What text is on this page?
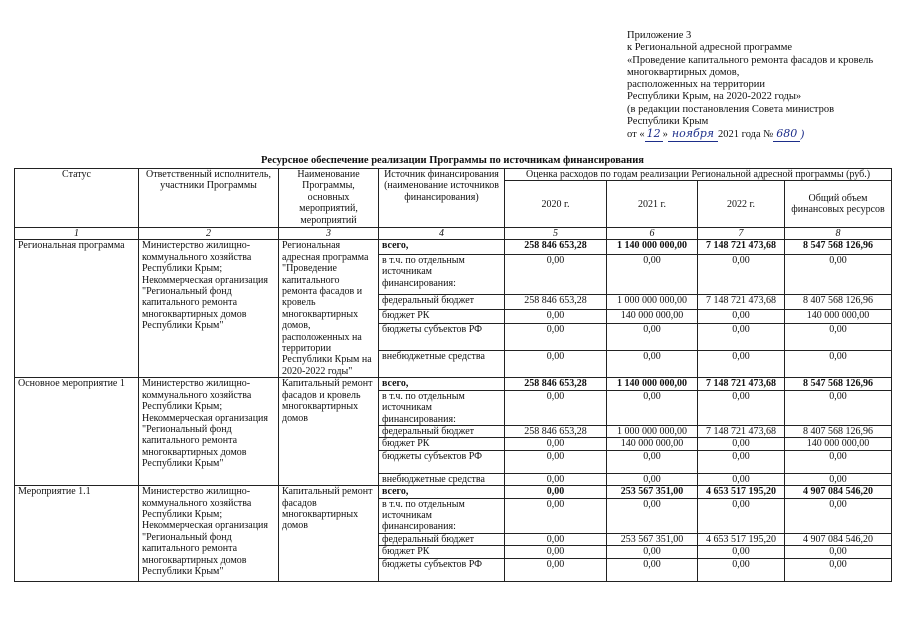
Приложение 3
к Региональной адресной программе
«Проведение капитального ремонта фасадов и кровель
многоквартирных домов,
расположенных на территории
Республики Крым, на 2020-2022 годы»
(в редакции постановления Совета министров
Республики Крым
от « 12 » ноября 2021 года № 680 )
Ресурсное обеспечение реализации Программы по источникам финансирования
Статус	Ответственный исполнитель, участники Программы	Наименование Программы, основных мероприятий, мероприятий	Источник финансирования (наименование источников финансирования)	Оценка расходов по годам реализации Региональной адресной программы (руб.)			
				2020 г.	2021 г.	2022 г.	Общий объем финансовых ресурсов
1	2	3	4	5	6	7	8
Региональная программа	Министерство жилищно-коммунального хозяйства Республики Крым; Некоммерческая организация "Региональный фонд капитального ремонта многоквартирных домов Республики Крым"	Региональная адресная программа "Проведение капитального ремонта фасадов и кровель многоквартирных домов, расположенных на территории Республики Крым на 2020-2022 годы"	всего,	258 846 653,28	1 140 000 000,00	7 148 721 473,68	8 547 568 126,96
			в т.ч. по отдельным источникам финансирования:	0,00	0,00	0,00	0,00
			федеральный бюджет	258 846 653,28	1 000 000 000,00	7 148 721 473,68	8 407 568 126,96
			бюджет РК	0,00	140 000 000,00	0,00	140 000 000,00
			бюджеты субъектов РФ	0,00	0,00	0,00	0,00
			внебюджетные средства	0,00	0,00	0,00	0,00
Основное мероприятие 1	Министерство жилищно-коммунального хозяйства Республики Крым; Некоммерческая организация "Региональный фонд капитального ремонта многоквартирных домов Республики Крым"	Капитальный ремонт фасадов и кровель многоквартирных домов	всего,	258 846 653,28	1 140 000 000,00	7 148 721 473,68	8 547 568 126,96
			в т.ч. по отдельным источникам финансирования:	0,00	0,00	0,00	0,00
			федеральный бюджет	258 846 653,28	1 000 000 000,00	7 148 721 473,68	8 407 568 126,96
			бюджет РК	0,00	140 000 000,00	0,00	140 000 000,00
			бюджеты субъектов РФ	0,00	0,00	0,00	0,00
			внебюджетные средства	0,00	0,00	0,00	0,00
Мероприятие 1.1	Министерство жилищно-коммунального хозяйства Республики Крым; Некоммерческая организация "Региональный фонд капитального ремонта многоквартирных домов Республики Крым"	Капитальный ремонт фасадов многоквартирных домов	всего,	0,00	253 567 351,00	4 653 517 195,20	4 907 084 546,20
			в т.ч. по отдельным источникам финансирования:	0,00	0,00	0,00	0,00
			федеральный бюджет	0,00	253 567 351,00	4 653 517 195,20	4 907 084 546,20
			бюджет РК	0,00	0,00	0,00	0,00
			бюджеты субъектов РФ	0,00	0,00	0,00	0,00
